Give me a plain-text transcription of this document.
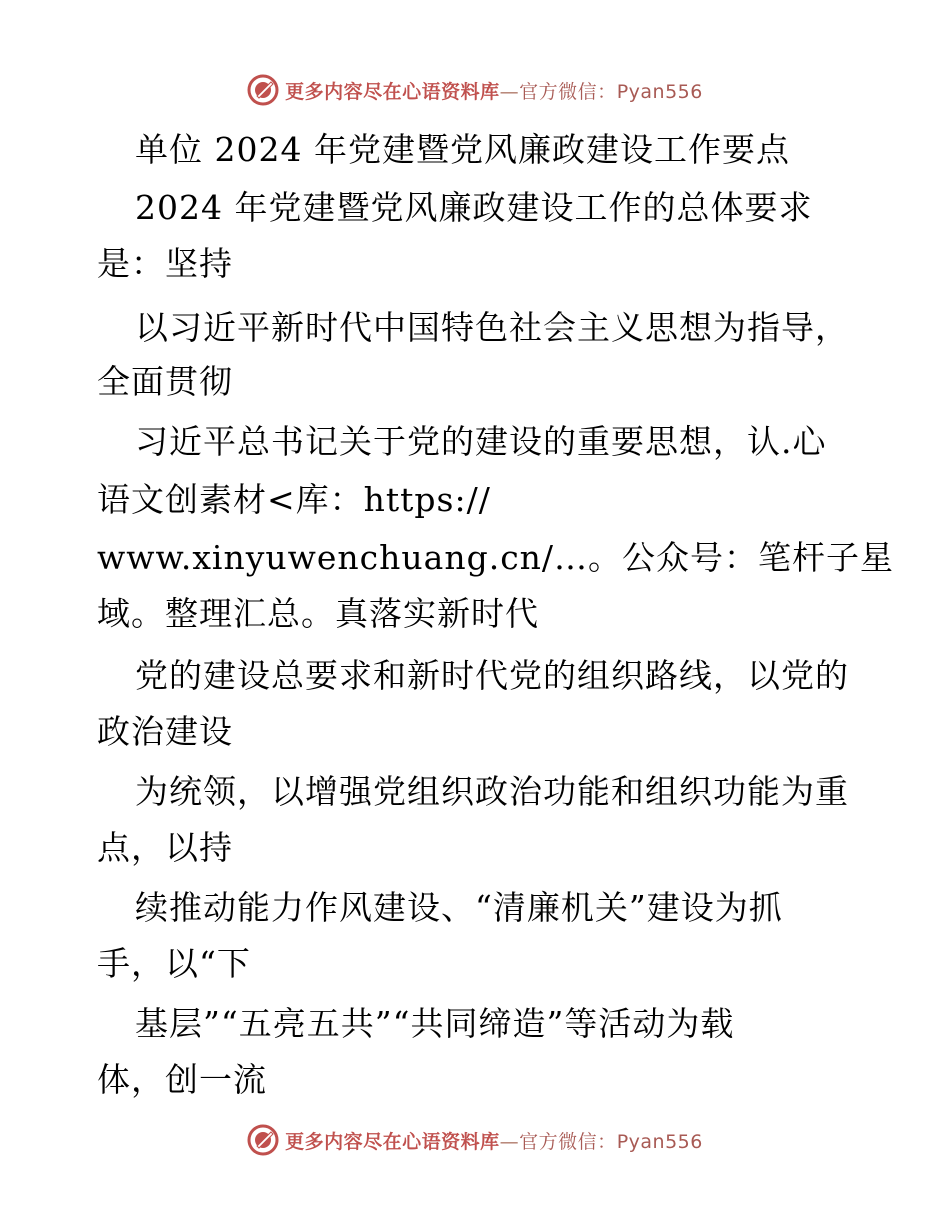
更多内容尽在心语资料库—官方微信：Pyan556
单位 2024 年党建暨党风廉政建设工作要点
2024 年党建暨党风廉政建设工作的总体要求
是：坚持
以习近平新时代中国特色社会主义思想为指导，
全面贯彻
习近平总书记关于党的建设的重要思想，认.心
语文创素材<库：https://
www.xinyuwenchuang.cn/…。公众号：笔杆子星
域。整理汇总。真落实新时代
党的建设总要求和新时代党的组织路线，以党的
政治建设
为统领，以增强党组织政治功能和组织功能为重
点，以持
续推动能力作风建设、“清廉机关”建设为抓
手，以“下
基层”“五亮五共”“共同缔造”等活动为载
体，创一流
更多内容尽在心语资料库—官方微信：Pyan556
